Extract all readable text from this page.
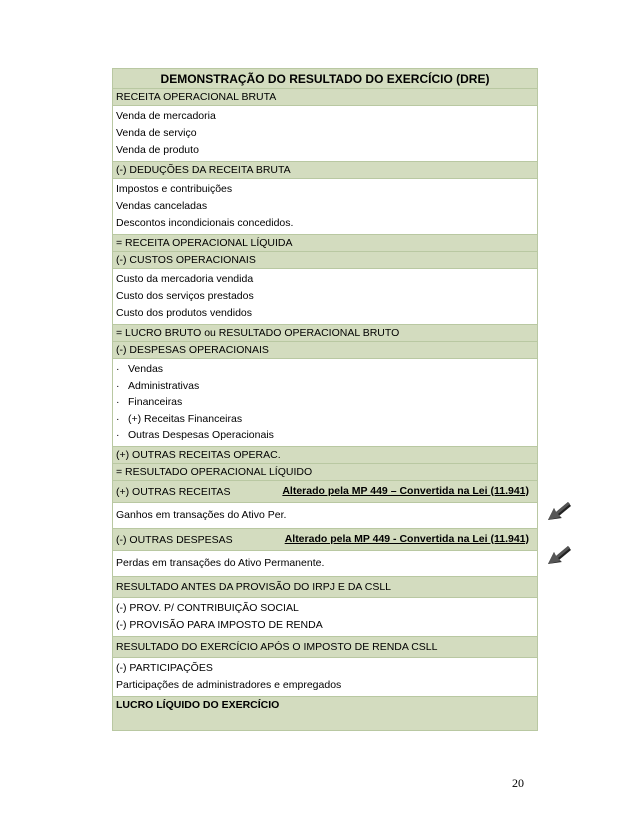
DEMONSTRAÇÃO DO RESULTADO DO EXERCÍCIO (DRE)
RECEITA OPERACIONAL BRUTA
Venda de mercadoria
Venda de serviço
Venda de produto
(-) DEDUÇÕES DA RECEITA BRUTA
Impostos e contribuições
Vendas canceladas
Descontos incondicionais concedidos.
= RECEITA OPERACIONAL LÍQUIDA
(-) CUSTOS OPERACIONAIS
Custo da mercadoria vendida
Custo dos serviços prestados
Custo dos produtos vendidos
= LUCRO BRUTO ou RESULTADO OPERACIONAL BRUTO
(-) DESPESAS OPERACIONAIS
· Vendas
· Administrativas
· Financeiras
· (+) Receitas Financeiras
· Outras Despesas Operacionais
(+) OUTRAS RECEITAS OPERAC.
= RESULTADO OPERACIONAL LÍQUIDO
(+) OUTRAS RECEITAS	Alterado pela MP 449 – Convertida na Lei (11.941)
Ganhos em transações do Ativo Per.
(-) OUTRAS DESPESAS	Alterado pela MP 449 - Convertida na Lei (11.941)
Perdas em transações do Ativo Permanente.
RESULTADO ANTES DA PROVISÃO DO IRPJ E DA CSLL
(-) PROV. P/ CONTRIBUIÇÃO SOCIAL
(-) PROVISÃO PARA IMPOSTO DE RENDA
RESULTADO DO EXERCÍCIO APÓS O IMPOSTO DE RENDA CSLL
(-) PARTICIPAÇÕES
Participações de administradores e empregados
LUCRO LÍQUIDO DO EXERCÍCIO
20
